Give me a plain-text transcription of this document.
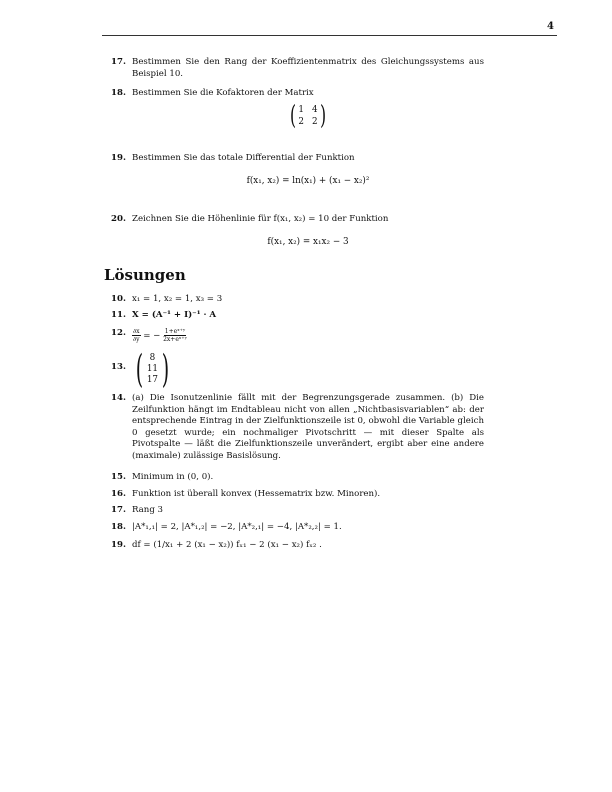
4
17. Bestimmen Sie den Rang der Koeffizientenmatrix des Gleichungssystems aus Beispiel 10.
18. Bestimmen Sie die Kofaktoren der Matrix
( 1 4
2 2 )
19. Bestimmen Sie das totale Differential der Funktion
f(x₁, x₂) = ln(x₁) + (x₁ − x₂)²
20. Zeichnen Sie die Höhenlinie für f(x₁, x₂) = 10 der Funktion
f(x₁, x₂) = x₁x₂ − 3
Lösungen
10. x₁ = 1, x₂ = 1, x₃ = 3
11. X = (A⁻¹ + I)⁻¹ · A
12. $\frac{\partial x}{\partial y}$ = − $\frac{\text{1+eˣ⁺ʸ}}{\text{2x+eˣ⁺ʸ}}$
13. ( 8
11
17 )
14. (a) Die Isonutzenlinie fällt mit der Begrenzungsgerade zusammen. (b) Die Zeilfunktion hängt im Endtableau nicht von allen „Nichtbasisvariablen“ ab: der entsprechende Eintrag in der Zielfunktionszeile ist 0, obwohl die Variable gleich 0 gesetzt wurde; ein nochmaliger Pivotschritt — mit dieser Spalte als Pivotspalte — läßt die Zielfunktionszeile unverändert, ergibt aber eine andere (maximale) zulässige Basislösung.
15. Minimum in (0, 0).
16. Funktion ist überall konvex (Hessematrix bzw. Minoren).
17. Rang 3
18. |A*₁,₁| = 2, |A*₁,₂| = −2, |A*₂,₁| = −4, |A*₂,₂| = 1.
19. df = (1/x₁ + 2 (x₁ − x₂)) fₓ₁ − 2 (x₁ − x₂) fₓ₂ .
